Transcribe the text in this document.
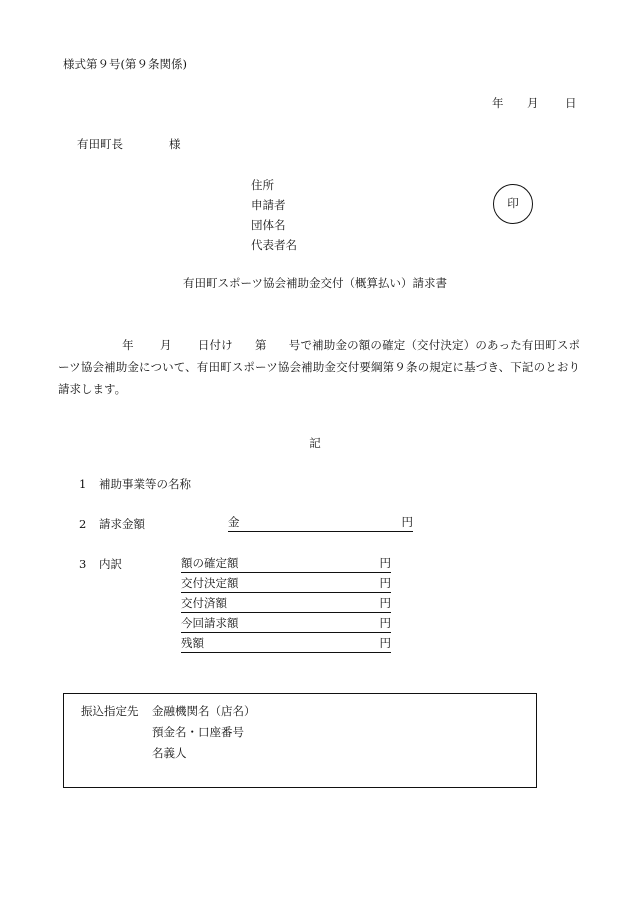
様式第９号(第９条関係)
年 月 日
有田町長	様
住所
申請者
団体名
代表者名
印
有田町スポーツ協会補助金交付（概算払い）請求書
年 月 日付け 第 号で補助金の額の確定（交付決定）のあった有田町スポーツ協会補助金について、有田町スポーツ協会補助金交付要綱第９条の規定に基づき、下記のとおり請求します。
記
1 補助事業等の名称
2 請求金額	金	円
3 内訳	額の確定額	円
交付決定額	円
交付済額	円
今回請求額	円
残額	円
振込指定先 金融機関名（店名）
預金名・口座番号
名義人
